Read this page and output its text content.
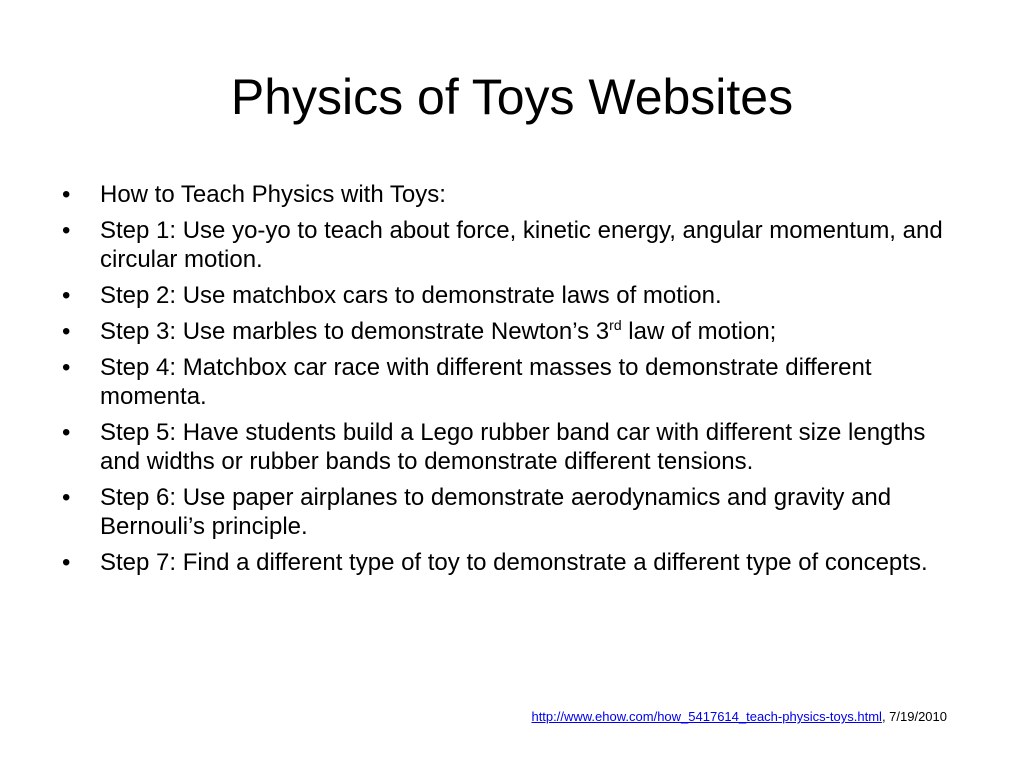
Physics of Toys Websites
• How to Teach Physics with Toys:
• Step 1: Use yo-yo to teach about force, kinetic energy, angular momentum, and circular motion.
• Step 2: Use matchbox cars to demonstrate laws of motion.
• Step 3: Use marbles to demonstrate Newton’s 3rd law of motion;
• Step 4: Matchbox car race with different masses to demonstrate different momenta.
• Step 5: Have students build a Lego rubber band car with different size lengths and widths or rubber bands to demonstrate different tensions.
• Step 6: Use paper airplanes to demonstrate aerodynamics and gravity and Bernouli’s principle.
• Step 7: Find a different type of toy to demonstrate a different type of concepts.
http://www.ehow.com/how_5417614_teach-physics-toys.html, 7/19/2010
